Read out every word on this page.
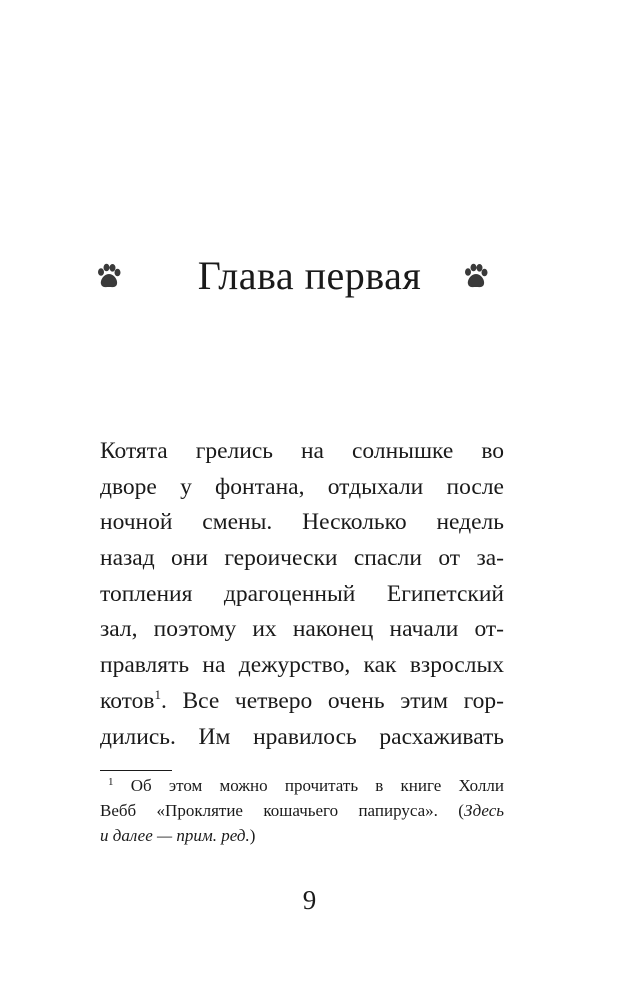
Глава первая
Котята грелись на солнышке во
дворе у фонтана, отдыхали после
ночной смены. Несколько недель
назад они героически спасли от за-
топления драгоценный Египетский
зал, поэтому их наконец начали от-
правлять на дежурство, как взрослых
котов$^1$. Все четверо очень этим гор-
дились. Им нравилось расхаживать
$^1$ Об этом можно прочитать в книге Холли
Вебб «Проклятие кошачьего папируса». (Здесь
и далее — прим. ред.)
9
